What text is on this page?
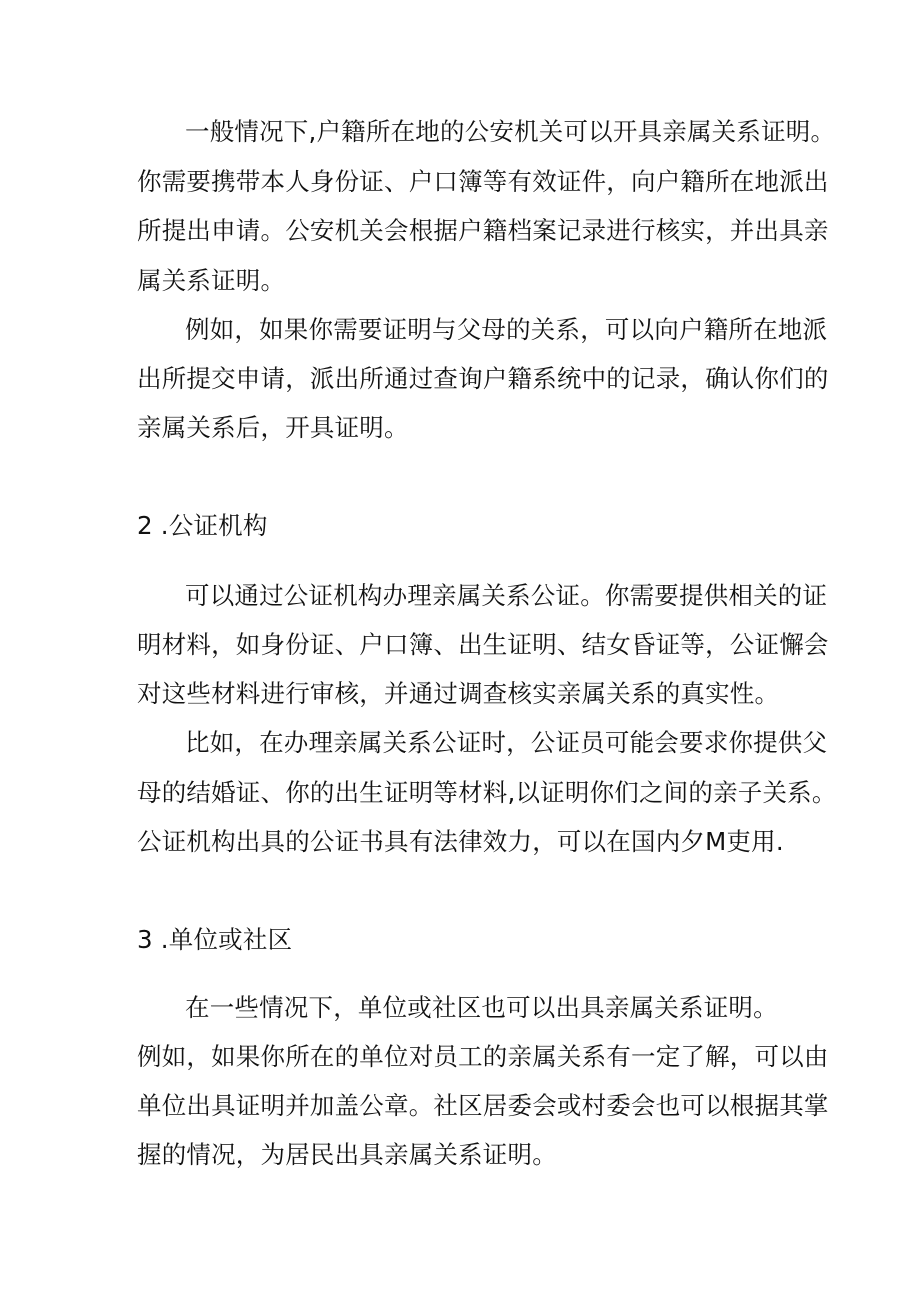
一般情况下,户籍所在地的公安机关可以开具亲属关系证明。

你需要携带本人身份证、户口簿等有效证件，向户籍所在地派出

所提出申请。公安机关会根据户籍档案记录进行核实，并出具亲

属关系证明。

例如，如果你需要证明与父母的关系，可以向户籍所在地派

出所提交申请，派出所通过查询户籍系统中的记录，确认你们的

亲属关系后，开具证明。

2 .公证机构

可以通过公证机构办理亲属关系公证。你需要提供相关的证

明材料，如身份证、户口簿、出生证明、结女昏证等，公证懈会

对这些材料进行审核，并通过调查核实亲属关系的真实性。

比如，在办理亲属关系公证时，公证员可能会要求你提供父

母的结婚证、你的出生证明等材料,以证明你们之间的亲子关系。

公证机构出具的公证书具有法律效力，可以在国内夕M吏用.

3 .单位或社区

在一些情况下，单位或社区也可以出具亲属关系证明。

例如，如果你所在的单位对员工的亲属关系有一定了解，可以由

单位出具证明并加盖公章。社区居委会或村委会也可以根据其掌

握的情况，为居民出具亲属关系证明。
